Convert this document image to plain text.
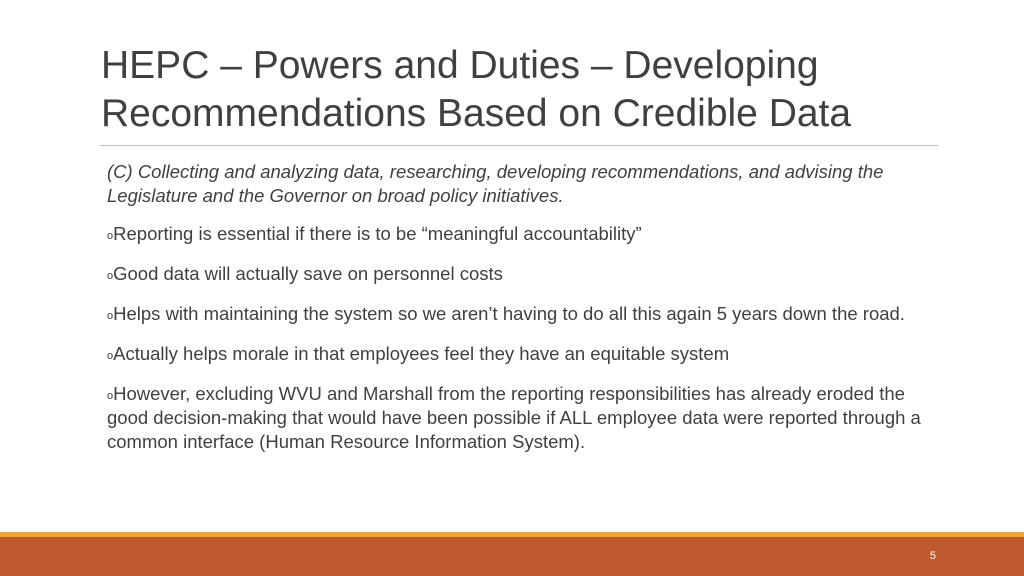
HEPC – Powers and Duties – Developing
Recommendations Based on Credible Data

(C) Collecting and analyzing data, researching, developing recommendations, and advising the Legislature and the Governor on broad policy initiatives.

oReporting is essential if there is to be “meaningful accountability”

oGood data will actually save on personnel costs

oHelps with maintaining the system so we aren’t having to do all this again 5 years down the road.

oActually helps morale in that employees feel they have an equitable system

oHowever, excluding WVU and Marshall from the reporting responsibilities has already eroded the good decision-making that would have been possible if ALL employee data were reported through a common interface (Human Resource Information System).

5
